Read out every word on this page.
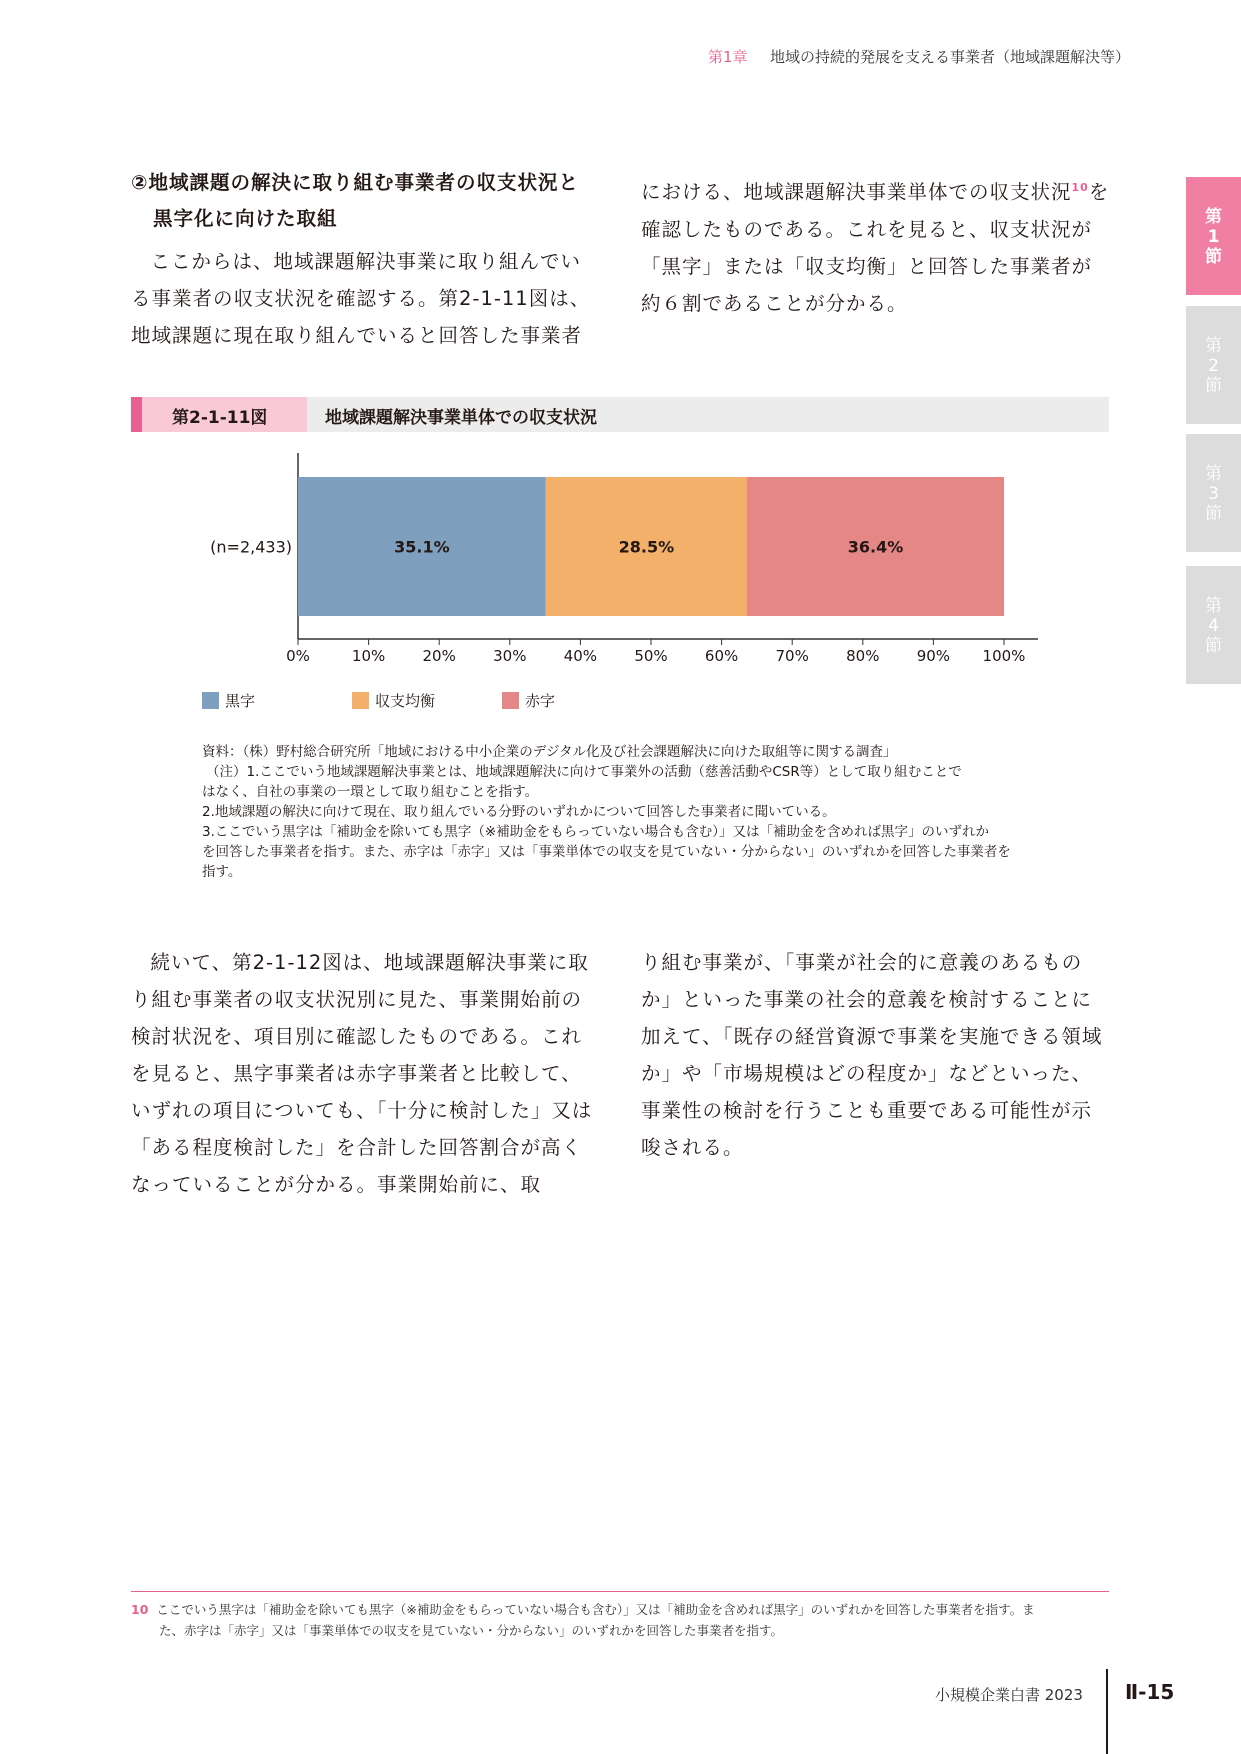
第1章 地域の持続的発展を支える事業者（地域課題解決等）
第
1
節
第
2
節
第
3
節
第
4
節
②地域課題の解決に取り組む事業者の収支状況と
黒字化に向けた取組
ここからは、地域課題解決事業に取り組んでいる事業者の収支状況を確認する。第2-1-11図は、地域課題に現在取り組んでいると回答した事業者
における、地域課題解決事業単体での収支状況$^{10}$を確認したものである。これを見ると、収支状況が「黒字」または「収支均衡」と回答した事業者が約６割であることが分かる。
第2-1-11図	地域課題解決事業単体での収支状況
35.1%	28.5%	36.4%
(n=2,433)
0%	10% 20% 30% 40% 50% 60% 70% 80% 90% 100%
黒字	収支均衡	赤字
資料：（株）野村総合研究所「地域における中小企業のデジタル化及び社会課題解決に向けた取組等に関する調査」
（注）1.ここでいう地域課題解決事業とは、地域課題解決に向けて事業外の活動（慈善活動やCSR等）として取り組むことで
はなく、自社の事業の一環として取り組むことを指す。
2.地域課題の解決に向けて現在、取り組んでいる分野のいずれかについて回答した事業者に聞いている。
3.ここでいう黒字は「補助金を除いても黒字（※補助金をもらっていない場合も含む）」又は「補助金を含めれば黒字」のいずれか
を回答した事業者を指す。また、赤字は「赤字」又は「事業単体での収支を見ていない・分からない」のいずれかを回答した事業者を
指す。
続いて、第2-1-12図は、地域課題解決事業に取り組む事業者の収支状況別に見た、事業開始前の検討状況を、項目別に確認したものである。これを見ると、黒字事業者は赤字事業者と比較して、いずれの項目についても、「十分に検討した」又は「ある程度検討した」を合計した回答割合が高くなっていることが分かる。事業開始前に、取
り組む事業が、「事業が社会的に意義のあるものか」といった事業の社会的意義を検討することに加えて、「既存の経営資源で事業を実施できる領域か」や「市場規模はどの程度か」などといった、事業性の検討を行うことも重要である可能性が示唆される。
10 ここでいう黒字は「補助金を除いても黒字（※補助金をもらっていない場合も含む）」又は「補助金を含めれば黒字」のいずれかを回答した事業者を指す。ま
た、赤字は「赤字」又は「事業単体での収支を見ていない・分からない」のいずれかを回答した事業者を指す。
小規模企業白書 2023 Ⅱ-15
